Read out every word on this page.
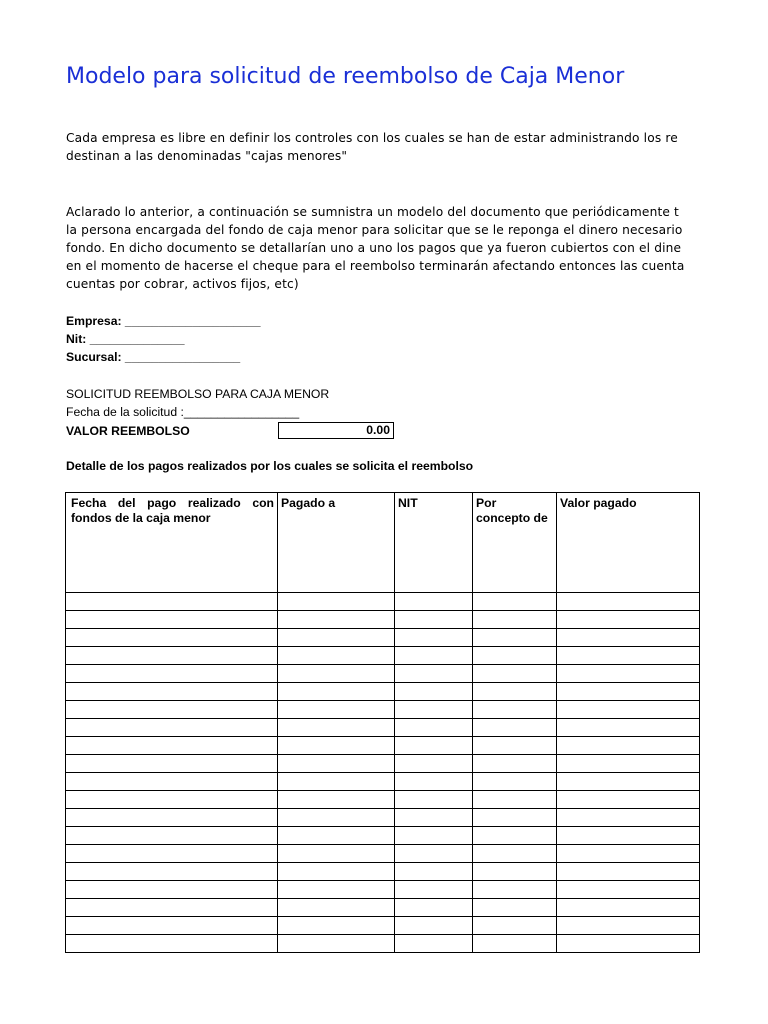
Modelo para solicitud de reembolso de Caja Menor
Cada empresa es libre en definir los controles con los cuales se han de estar administrando los re
destinan a las denominadas "cajas menores"
Aclarado lo anterior, a continuación se sumnistra un modelo del documento que periódicamente t
la persona encargada del fondo de caja menor para solicitar que se le reponga el dinero necesario
fondo. En dicho documento se detallarían uno a uno los pagos que ya fueron cubiertos con el dine
en el momento de hacerse el cheque para el reembolso terminarán afectando entonces las cuenta
cuentas por cobrar, activos fijos, etc)
Empresa: ____________________
Nit: ______________
Sucursal: _________________
SOLICITUD REEMBOLSO PARA CAJA MENOR
Fecha de la solicitud :_________________
VALOR REEMBOLSO	0.00
Detalle de los pagos realizados por los cuales se solicita el reembolso
Fecha del pago realizado con fondos de la caja menor	Pagado a	NIT	Por concepto de	Valor pagado
